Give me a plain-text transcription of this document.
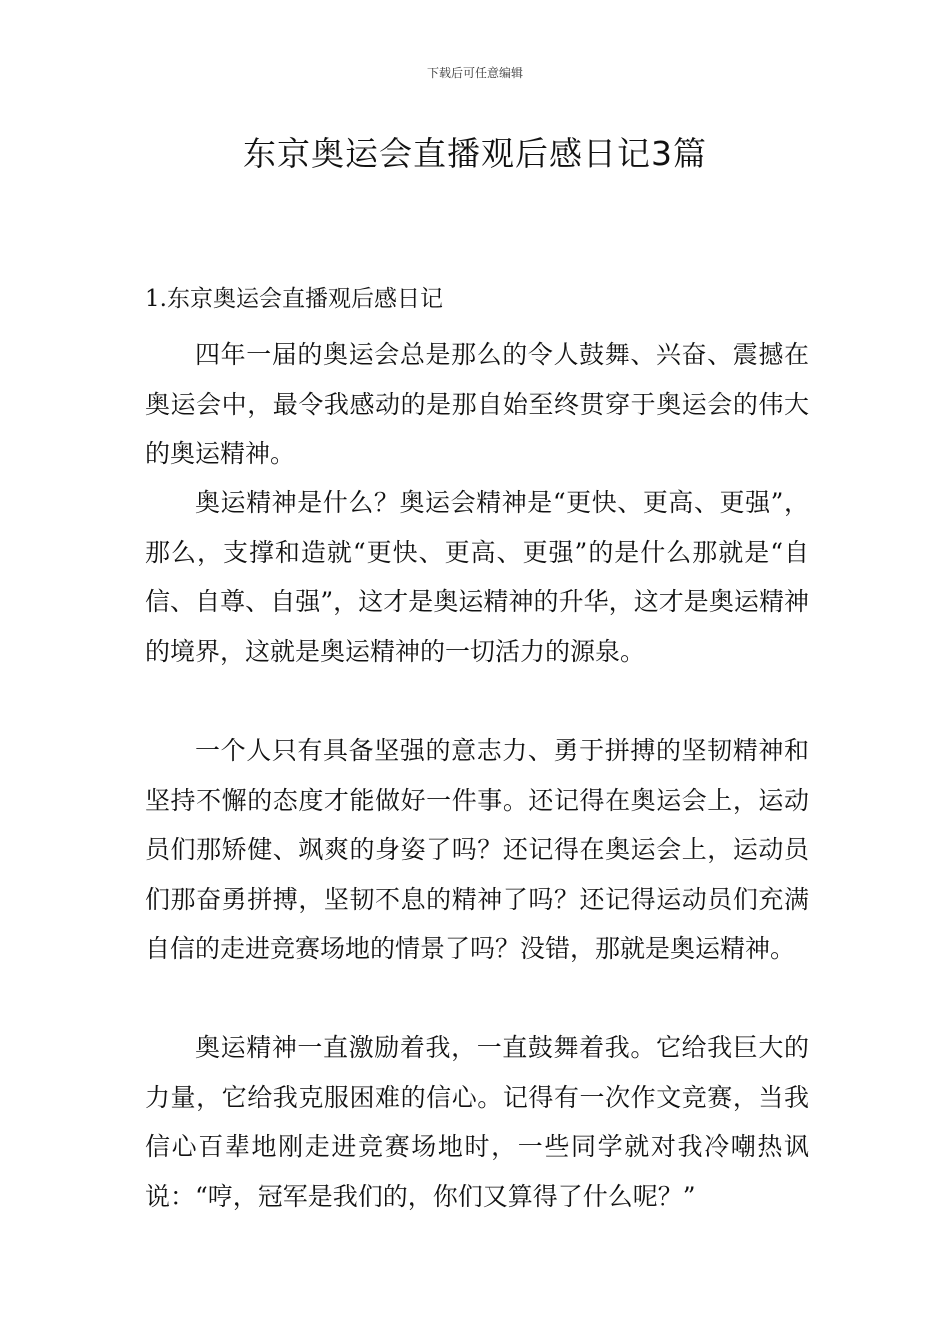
下载后可任意编辑
东京奥运会直播观后感日记3篇
1.东京奥运会直播观后感日记

四年一届的奥运会总是那么的令人鼓舞、兴奋、震撼在奥运会中，最令我感动的是那自始至终贯穿于奥运会的伟大的奥运精神。

奥运精神是什么？奥运会精神是“更快、更高、更强”，那么，支撑和造就“更快、更高、更强”的是什么那就是“自信、自尊、自强”，这才是奥运精神的升华，这才是奥运精神的境界，这就是奥运精神的一切活力的源泉。

一个人只有具备坚强的意志力、勇于拼搏的坚韧精神和坚持不懈的态度才能做好一件事。还记得在奥运会上，运动员们那矫健、飒爽的身姿了吗？还记得在奥运会上，运动员们那奋勇拼搏，坚韧不息的精神了吗？还记得运动员们充满自信的走进竞赛场地的情景了吗？没错，那就是奥运精神。

奥运精神一直激励着我，一直鼓舞着我。它给我巨大的力量，它给我克服困难的信心。记得有一次作文竞赛，当我信心百辈地刚走进竞赛场地时，一些同学就对我冷嘲热讽说：“哼，冠军是我们的，你们又算得了什么呢？”
